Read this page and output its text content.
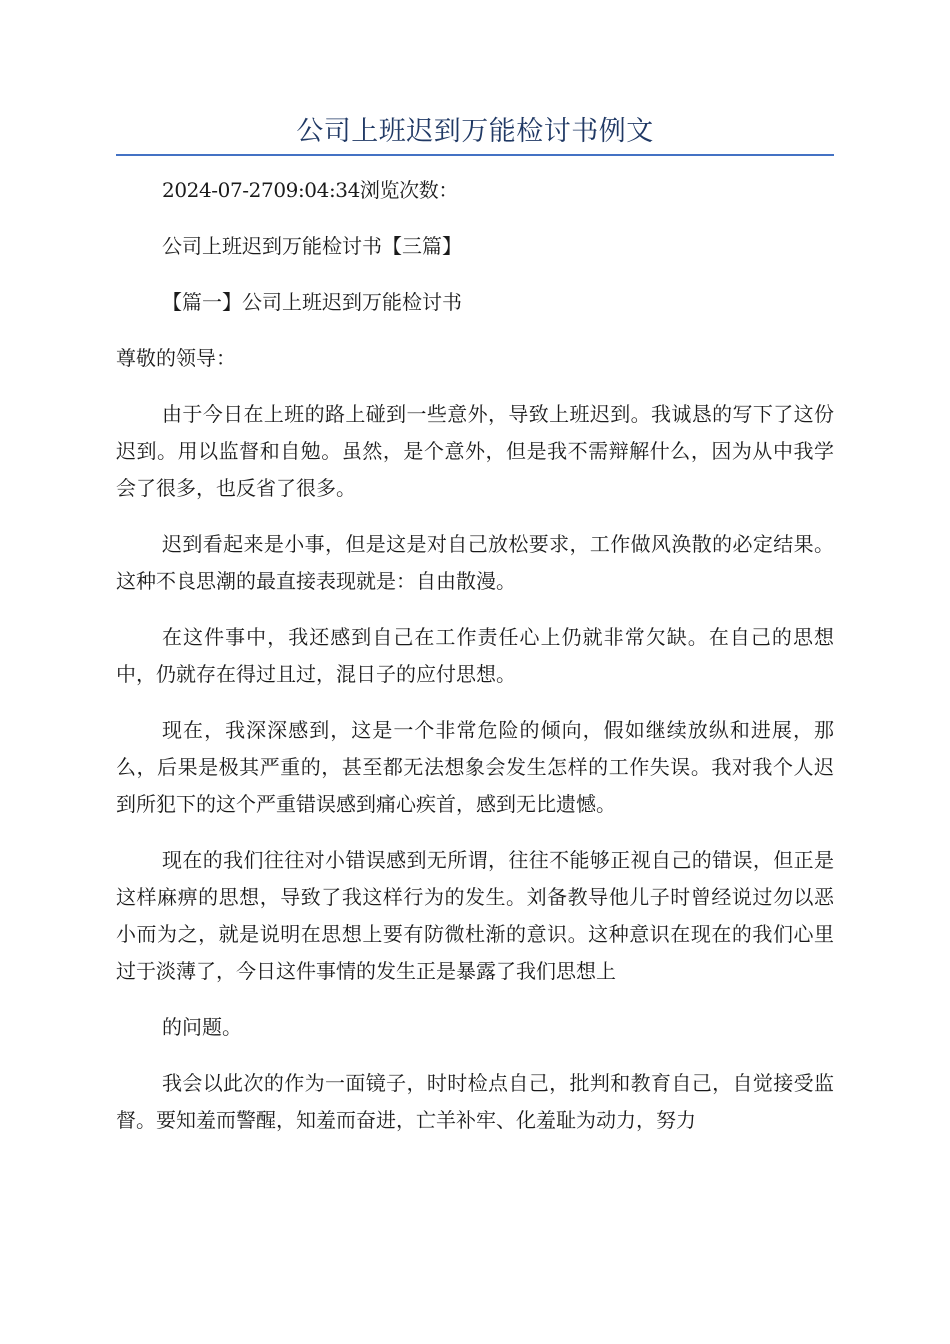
公司上班迟到万能检讨书例文

2024-07-2709:04:34浏览次数：

公司上班迟到万能检讨书【三篇】

【篇一】公司上班迟到万能检讨书

尊敬的领导：

由于今日在上班的路上碰到一些意外，导致上班迟到。我诚恳的写下了这份迟到。用以监督和自勉。虽然，是个意外，但是我不需辩解什么，因为从中我学会了很多，也反省了很多。

迟到看起来是小事，但是这是对自己放松要求，工作做风涣散的必定结果。这种不良思潮的最直接表现就是：自由散漫。

在这件事中，我还感到自己在工作责任心上仍就非常欠缺。在自己的思想中，仍就存在得过且过，混日子的应付思想。

现在，我深深感到，这是一个非常危险的倾向，假如继续放纵和进展，那么，后果是极其严重的，甚至都无法想象会发生怎样的工作失误。我对我个人迟到所犯下的这个严重错误感到痛心疾首，感到无比遗憾。

现在的我们往往对小错误感到无所谓，往往不能够正视自己的错误，但正是这样麻痹的思想，导致了我这样行为的发生。刘备教导他儿子时曾经说过勿以恶小而为之，就是说明在思想上要有防微杜渐的意识。这种意识在现在的我们心里过于淡薄了，今日这件事情的发生正是暴露了我们思想上

的问题。

我会以此次的作为一面镜子，时时检点自己，批判和教育自己，自觉接受监督。要知羞而警醒，知羞而奋进，亡羊补牢、化羞耻为动力，努力
